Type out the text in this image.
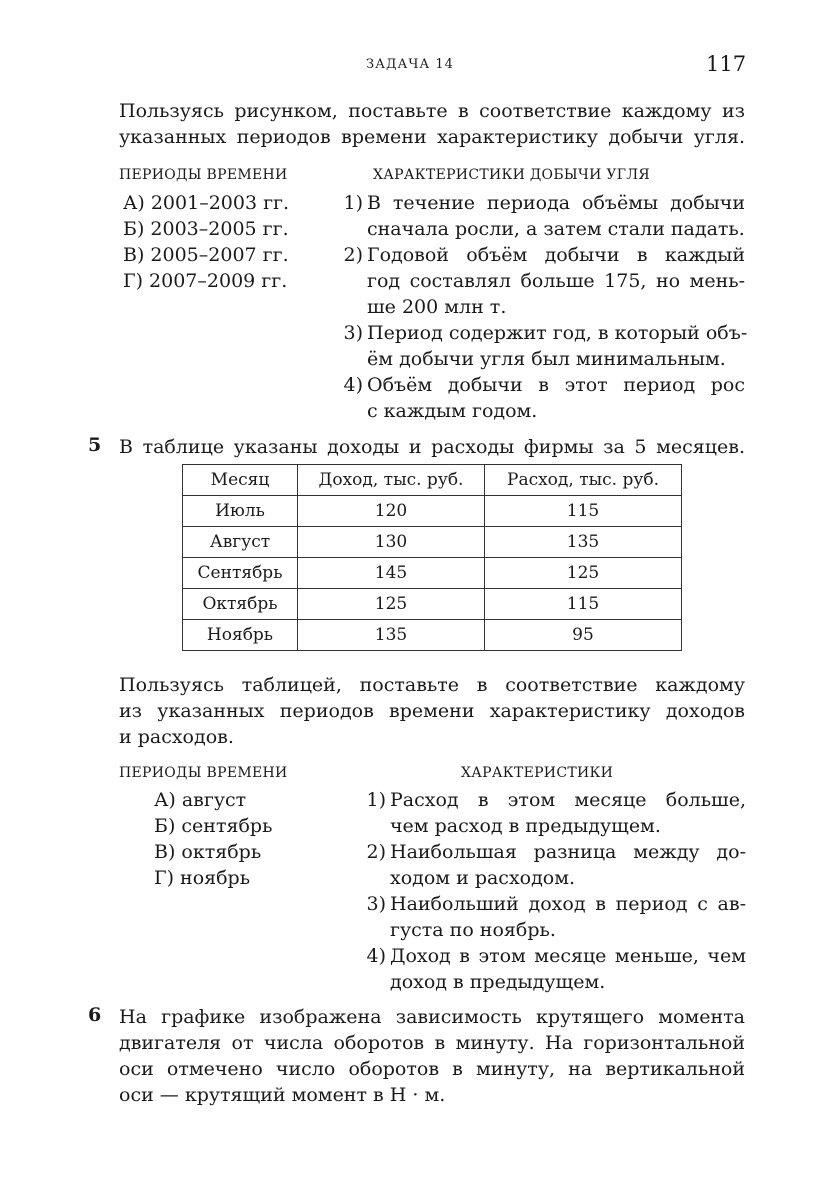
ЗАДАЧА 14	117
Пользуясь рисунком, поставьте в соответствие каждому из
указанных периодов времени характеристику добычи угля.
ПЕРИОДЫ ВРЕМЕНИ	ХАРАКТЕРИСТИКИ ДОБЫЧИ УГЛЯ
А) 2001–2003 гг.
Б) 2003–2005 гг.
В) 2005–2007 гг.
Г) 2007–2009 гг.
1) В течение периода объёмы добычи
сначала росли, а затем стали падать.
2) Годовой объём добычи в каждый
год составлял больше 175, но мень-
ше 200 млн т.
3) Период содержит год, в который объ-
ём добычи угля был минимальным.
4) Объём добычи в этот период рос
с каждым годом.
5 В таблице указаны доходы и расходы фирмы за 5 месяцев.
Месяц	Доход, тыс. руб.	Расход, тыс. руб.
Июль	120	115
Август	130	135
Сентябрь	145	125
Октябрь	125	115
Ноябрь	135	95
Пользуясь таблицей, поставьте в соответствие каждому
из указанных периодов времени характеристику доходов
и расходов.
ПЕРИОДЫ ВРЕМЕНИ	ХАРАКТЕРИСТИКИ
А) август
Б) сентябрь
В) октябрь
Г) ноябрь
1) Расход в этом месяце больше,
чем расход в предыдущем.
2) Наибольшая разница между до-
ходом и расходом.
3) Наибольший доход в период с ав-
густа по ноябрь.
4) Доход в этом месяце меньше, чем
доход в предыдущем.
6 На графике изображена зависимость крутящего момента
двигателя от числа оборотов в минуту. На горизонтальной
оси отмечено число оборотов в минуту, на вертикальной
оси — крутящий момент в Н · м.
